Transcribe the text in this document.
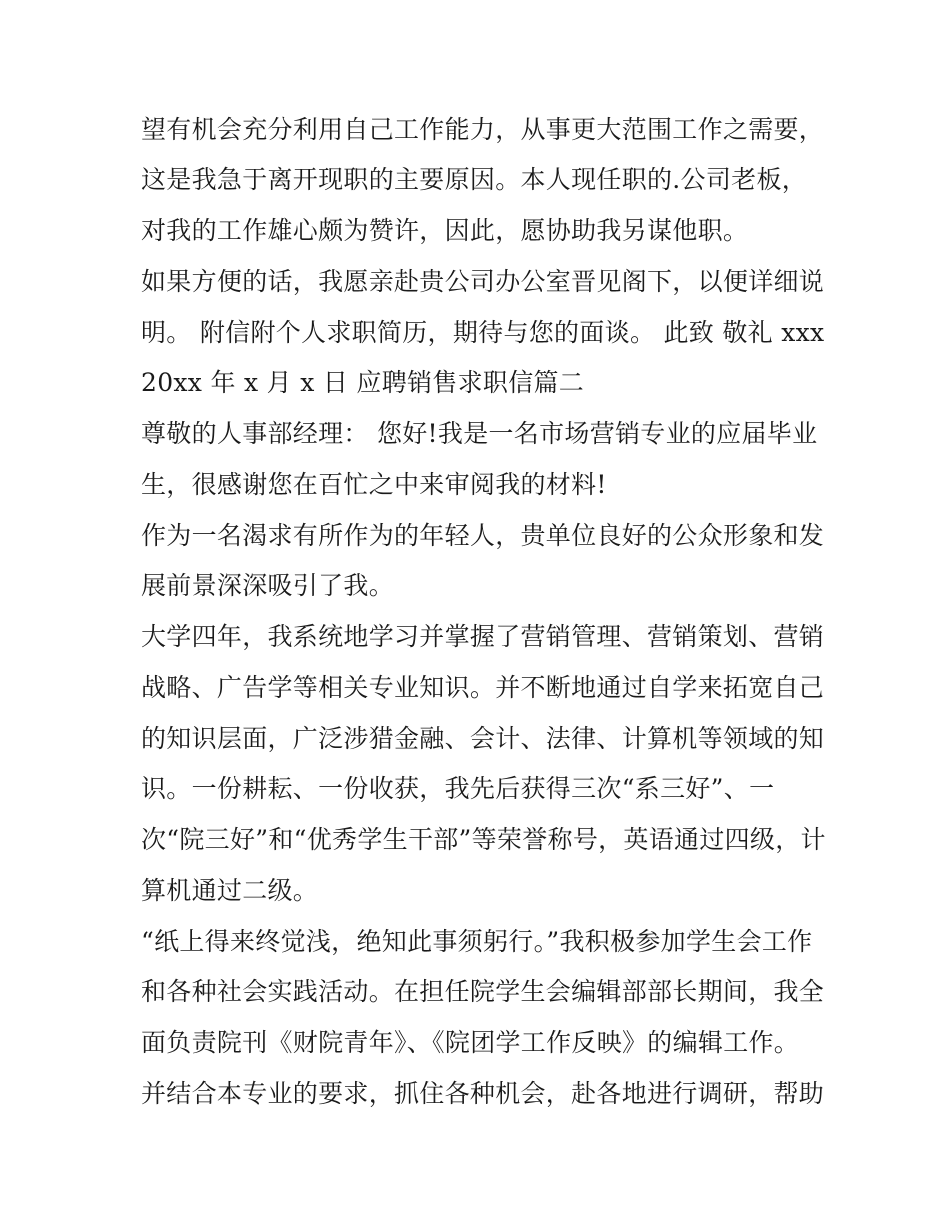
望有机会充分利用自己工作能力，从事更大范围工作之需要，
这是我急于离开现职的主要原因。本人现任职的.公司老板，
对我的工作雄心颇为赞许，因此，愿协助我另谋他职。
如果方便的话，我愿亲赴贵公司办公室晋见阁下，以便详细说
明。 附信附个人求职简历，期待与您的面谈。 此致 敬礼 xxx
20xx 年 x 月 x 日 应聘销售求职信篇二
尊敬的人事部经理： 您好!我是一名市场营销专业的应届毕业
生，很感谢您在百忙之中来审阅我的材料!
作为一名渴求有所作为的年轻人，贵单位良好的公众形象和发
展前景深深吸引了我。
大学四年，我系统地学习并掌握了营销管理、营销策划、营销
战略、广告学等相关专业知识。并不断地通过自学来拓宽自己
的知识层面，广泛涉猎金融、会计、法律、计算机等领域的知
识。一份耕耘、一份收获，我先后获得三次“系三好”、一
次“院三好”和“优秀学生干部”等荣誉称号，英语通过四级，计
算机通过二级。
“纸上得来终觉浅，绝知此事须躬行。”我积极参加学生会工作
和各种社会实践活动。在担任院学生会编辑部部长期间，我全
面负责院刊《财院青年》、《院团学工作反映》的编辑工作。
并结合本专业的要求，抓住各种机会，赴各地进行调研，帮助
